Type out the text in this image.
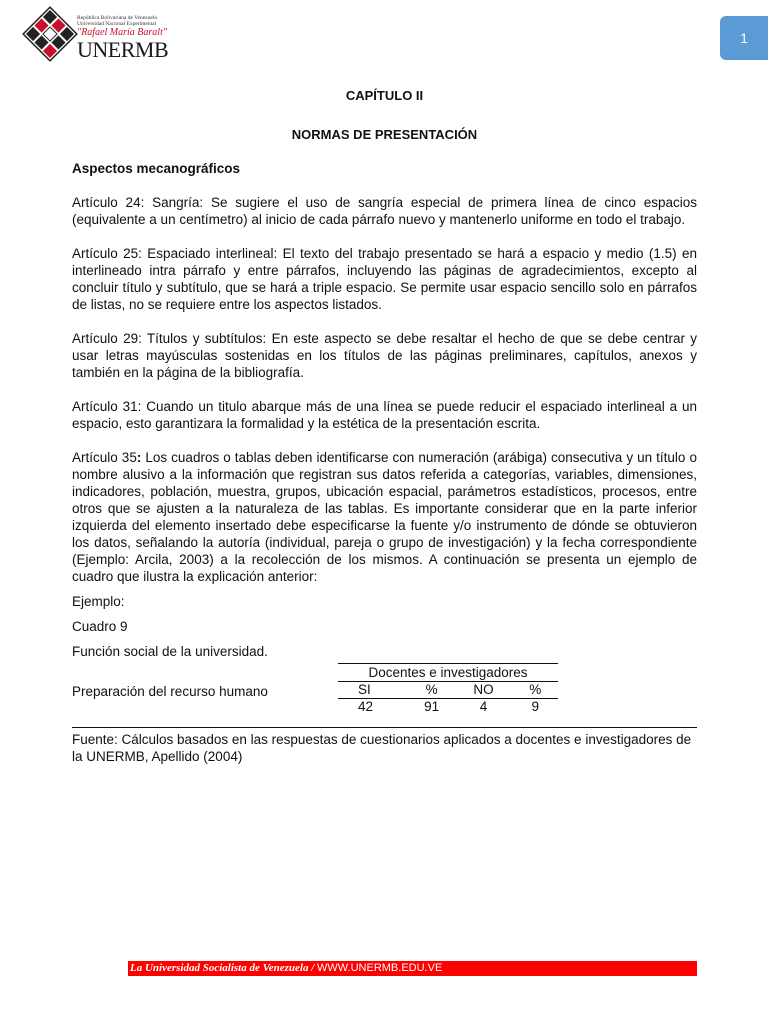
República Bolivariana de Venezuela
Universidad Nacional Experimental
"Rafael María Baralt"
UNERMB	1
CAPÍTULO II
NORMAS DE PRESENTACIÓN
Aspectos mecanográficos
Artículo 24: Sangría: Se sugiere el uso de sangría especial de primera línea de cinco espacios (equivalente a un centímetro) al inicio de cada párrafo nuevo y mantenerlo uniforme en todo el trabajo.
Artículo 25: Espaciado interlineal: El texto del trabajo presentado se hará a espacio y medio (1.5) en interlineado intra párrafo y entre párrafos, incluyendo las páginas de agradecimientos, excepto al concluir título y subtítulo, que se hará a triple espacio. Se permite usar espacio sencillo solo en párrafos de listas, no se requiere entre los aspectos listados.
Artículo 29: Títulos y subtítulos: En este aspecto se debe resaltar el hecho de que se debe centrar y usar letras mayúsculas sostenidas en los títulos de las páginas preliminares, capítulos, anexos y también en la página de la bibliografía.
Artículo 31: Cuando un titulo abarque más de una línea se puede reducir el espaciado interlineal a un espacio, esto garantizara la formalidad y la estética de la presentación escrita.
Artículo 35: Los cuadros o tablas deben identificarse con numeración (arábiga) consecutiva y un título o nombre alusivo a la información que registran sus datos referida a categorías, variables, dimensiones, indicadores, población, muestra, grupos, ubicación espacial, parámetros estadísticos, procesos, entre otros que se ajusten a la naturaleza de las tablas. Es importante considerar que en la parte inferior izquierda del elemento insertado debe especificarse la fuente y/o instrumento de dónde se obtuvieron los datos, señalando la autoría (individual, pareja o grupo de investigación) y la fecha correspondiente (Ejemplo: Arcila, 2003) a la recolección de los mismos. A continuación se presenta un ejemplo de cuadro que ilustra la explicación anterior:
Ejemplo:
Cuadro 9
Función social de la universidad.
Preparación del recurso humano
Docentes e investigadores
SI	%	NO	%
42	91	4	9
Fuente: Cálculos basados en las respuestas de cuestionarios aplicados a docentes e investigadores de la UNERMB, Apellido (2004)
La Universidad Socialista de Venezuela / WWW.UNERMB.EDU.VE
